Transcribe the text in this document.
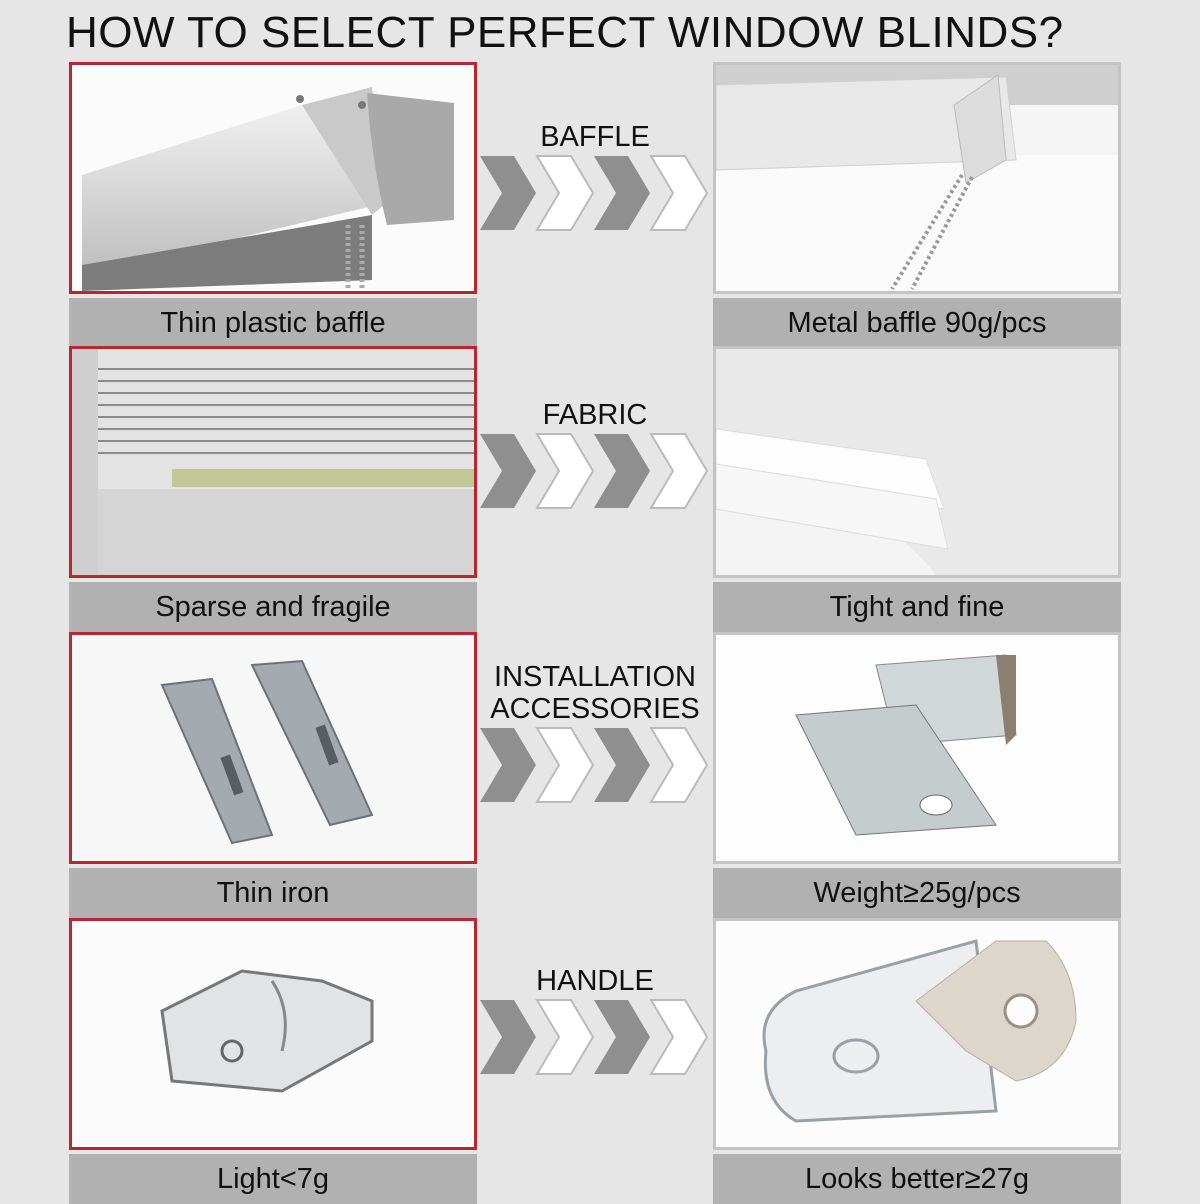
HOW TO SELECT PERFECT WINDOW BLINDS?
Thin plastic baffle
BAFFLE
Metal baffle 90g/pcs
Sparse and fragile
FABRIC
Tight and fine
Thin iron
INSTALLATION
ACCESSORIES
Weight≥25g/pcs
Light<7g
HANDLE
Looks better≥27g
